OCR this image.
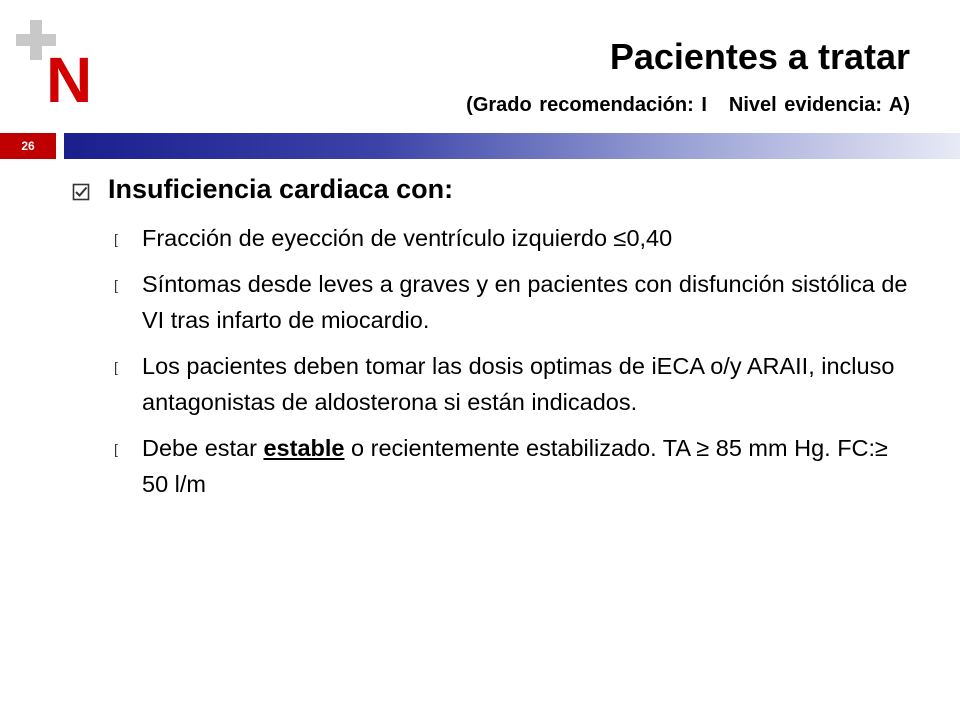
N	Pacientes a tratar
(Grado recomendación: I Nivel evidencia: A)
26
Insuficiencia cardiaca con:
[	Fracción de eyección de ventrículo izquierdo ≤0,40
[	Síntomas desde leves a graves y en pacientes con disfunción sistólica de VI tras infarto de miocardio.
[	Los pacientes deben tomar las dosis optimas de iECA o/y ARAII, incluso antagonistas de aldosterona si están indicados.
[	Debe estar estable o recientemente estabilizado. TA ≥ 85 mm Hg. FC:≥ 50 l/m
